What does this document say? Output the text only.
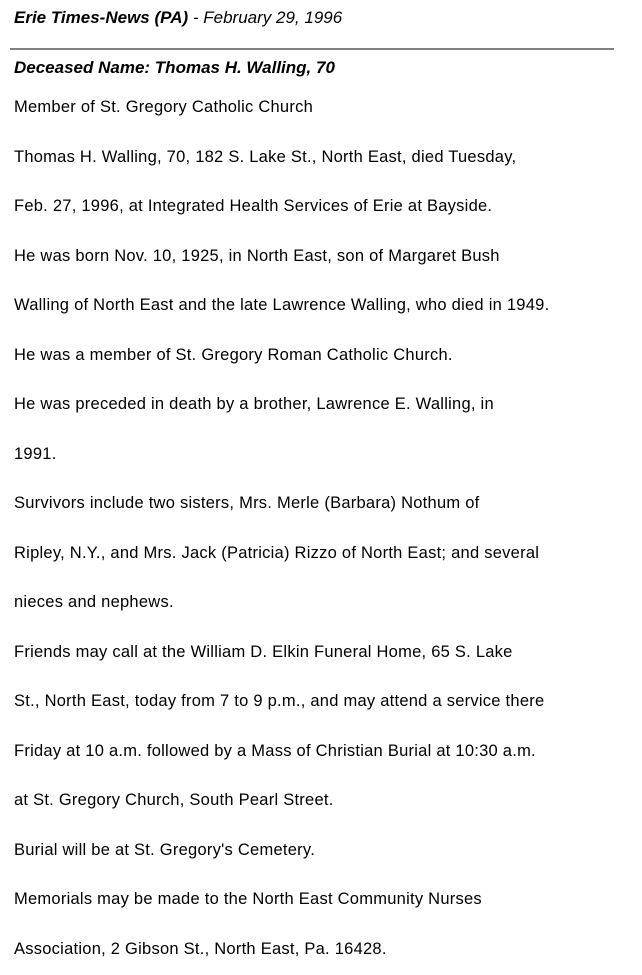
Erie Times-News (PA) - February 29, 1996
Deceased Name: Thomas H. Walling, 70
Member of St. Gregory Catholic Church
Thomas H. Walling, 70, 182 S. Lake St., North East, died Tuesday,
Feb. 27, 1996, at Integrated Health Services of Erie at Bayside.
He was born Nov. 10, 1925, in North East, son of Margaret Bush
Walling of North East and the late Lawrence Walling, who died in 1949.
He was a member of St. Gregory Roman Catholic Church.
He was preceded in death by a brother, Lawrence E. Walling, in
1991.
Survivors include two sisters, Mrs. Merle (Barbara) Nothum of
Ripley, N.Y., and Mrs. Jack (Patricia) Rizzo of North East; and several
nieces and nephews.
Friends may call at the William D. Elkin Funeral Home, 65 S. Lake
St., North East, today from 7 to 9 p.m., and may attend a service there
Friday at 10 a.m. followed by a Mass of Christian Burial at 10:30 a.m.
at St. Gregory Church, South Pearl Street.
Burial will be at St. Gregory's Cemetery.
Memorials may be made to the North East Community Nurses
Association, 2 Gibson St., North East, Pa. 16428.
